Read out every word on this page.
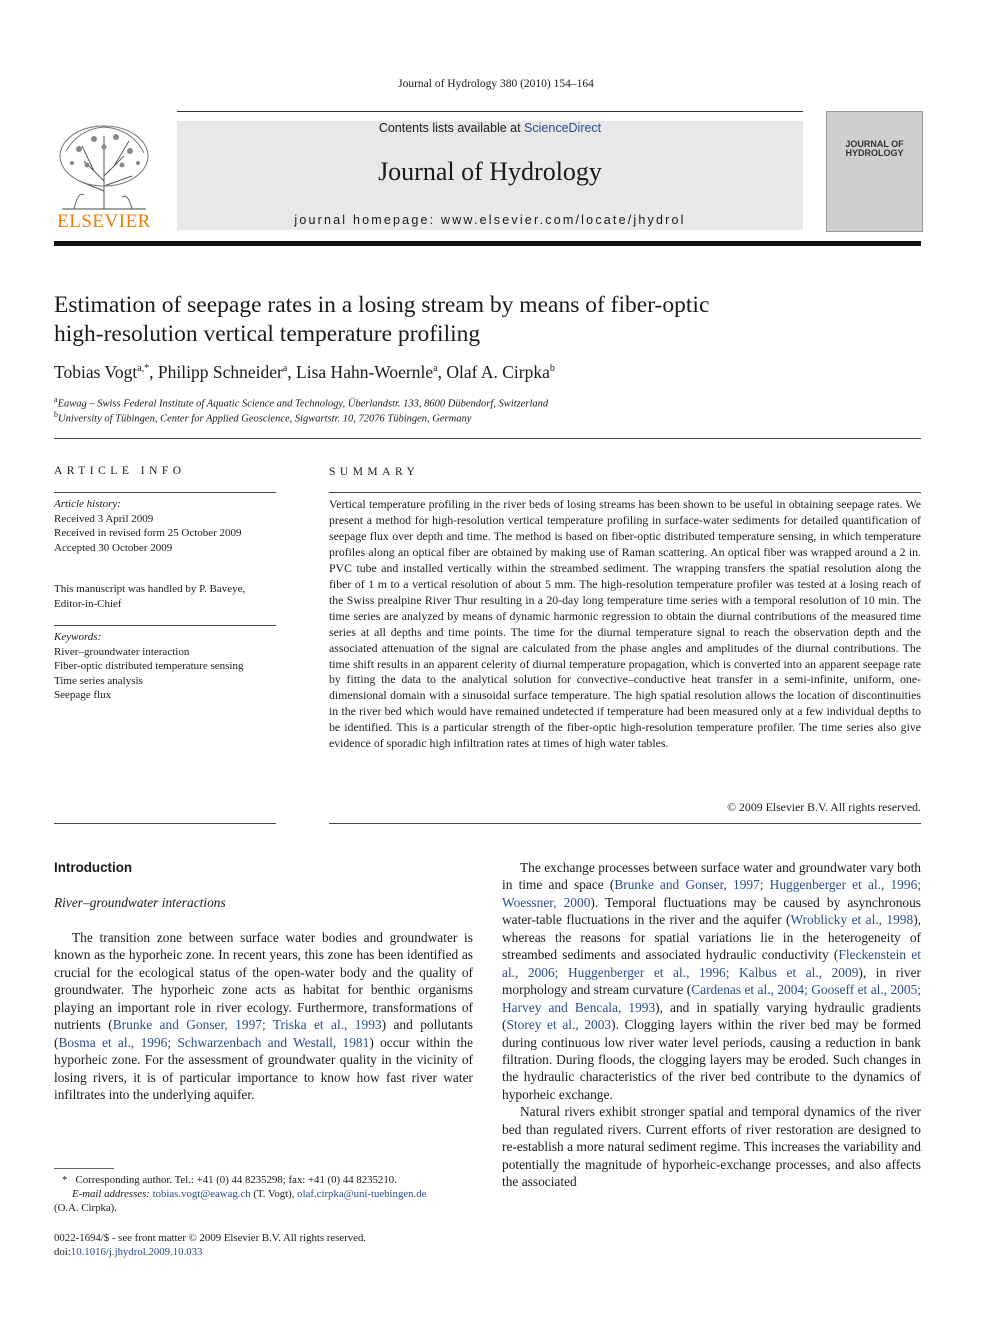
Journal of Hydrology 380 (2010) 154–164
ELSEVIER
Contents lists available at ScienceDirect
Journal of Hydrology
journal homepage: www.elsevier.com/locate/jhydrol
JOURNAL OF HYDROLOGY
Estimation of seepage rates in a losing stream by means of fiber-optic
high-resolution vertical temperature profiling
Tobias Vogt$^{a,*}$, Philipp Schneider$^a$, Lisa Hahn-Woernle$^a$, Olaf A. Cirpka$^b$
$^a$Eawag – Swiss Federal Institute of Aquatic Science and Technology, Überlandstr. 133, 8600 Dübendorf, Switzerland
$^b$University of Tübingen, Center for Applied Geoscience, Sigwartstr. 10, 72076 Tübingen, Germany
ARTICLE INFO
Article history:
Received 3 April 2009
Received in revised form 25 October 2009
Accepted 30 October 2009
This manuscript was handled by P. Baveye,
Editor-in-Chief
Keywords:
River–groundwater interaction
Fiber-optic distributed temperature sensing
Time series analysis
Seepage flux
SUMMARY
Vertical temperature profiling in the river beds of losing streams has been shown to be useful in obtaining seepage rates. We present a method for high-resolution vertical temperature profiling in surface-water sediments for detailed quantification of seepage flux over depth and time. The method is based on fiber-optic distributed temperature sensing, in which temperature profiles along an optical fiber are obtained by making use of Raman scattering. An optical fiber was wrapped around a 2 in. PVC tube and installed vertically within the streambed sediment. The wrapping transfers the spatial resolution along the fiber of 1 m to a vertical resolution of about 5 mm. The high-resolution temperature profiler was tested at a losing reach of the Swiss prealpine River Thur resulting in a 20-day long temperature time series with a temporal resolution of 10 min. The time series are analyzed by means of dynamic harmonic regression to obtain the diurnal contributions of the measured time series at all depths and time points. The time for the diurnal temperature signal to reach the observation depth and the associated attenuation of the signal are calculated from the phase angles and amplitudes of the diurnal contributions. The time shift results in an apparent celerity of diurnal temperature propagation, which is converted into an apparent seepage rate by fitting the data to the analytical solution for convective–conductive heat transfer in a semi-infinite, uniform, one-dimensional domain with a sinusoidal surface temperature. The high spatial resolution allows the location of discontinuities in the river bed which would have remained undetected if temperature had been measured only at a few individual depths to be identified. This is a particular strength of the fiber-optic high-resolution temperature profiler. The time series also give evidence of sporadic high infiltration rates at times of high water tables.
© 2009 Elsevier B.V. All rights reserved.
Introduction
River–groundwater interactions

The transition zone between surface water bodies and groundwater is known as the hyporheic zone. In recent years, this zone has been identified as crucial for the ecological status of the open-water body and the quality of groundwater. The hyporheic zone acts as habitat for benthic organisms playing an important role in river ecology. Furthermore, transformations of nutrients (Brunke and Gonser, 1997; Triska et al., 1993) and pollutants (Bosma et al., 1996; Schwarzenbach and Westall, 1981) occur within the hyporheic zone. For the assessment of groundwater quality in the vicinity of losing rivers, it is of particular importance to know how fast river water infiltrates into the underlying aquifer.

The exchange processes between surface water and groundwater vary both in time and space (Brunke and Gonser, 1997; Huggenberger et al., 1996; Woessner, 2000). Temporal fluctuations may be caused by asynchronous water-table fluctuations in the river and the aquifer (Wroblicky et al., 1998), whereas the reasons for spatial variations lie in the heterogeneity of streambed sediments and associated hydraulic conductivity (Fleckenstein et al., 2006; Huggenberger et al., 1996; Kalbus et al., 2009), in river morphology and stream curvature (Cardenas et al., 2004; Gooseff et al., 2005; Harvey and Bencala, 1993), and in spatially varying hydraulic gradients (Storey et al., 2003). Clogging layers within the river bed may be formed during continuous low river water level periods, causing a reduction in bank filtration. During floods, the clogging layers may be eroded. Such changes in the hydraulic characteristics of the river bed contribute to the dynamics of hyporheic exchange.

Natural rivers exhibit stronger spatial and temporal dynamics of the river bed than regulated rivers. Current efforts of river restoration are designed to re-establish a more natural sediment regime. This increases the variability and potentially the magnitude of hyporheic-exchange processes, and also affects the associated

* Corresponding author. Tel.: +41 (0) 44 8235298; fax: +41 (0) 44 8235210.
E-mail addresses: tobias.vogt@eawag.ch (T. Vogt), olaf.cirpka@uni-tuebingen.de
(O.A. Cirpka).
0022-1694/$ - see front matter © 2009 Elsevier B.V. All rights reserved.
doi:10.1016/j.jhydrol.2009.10.033
